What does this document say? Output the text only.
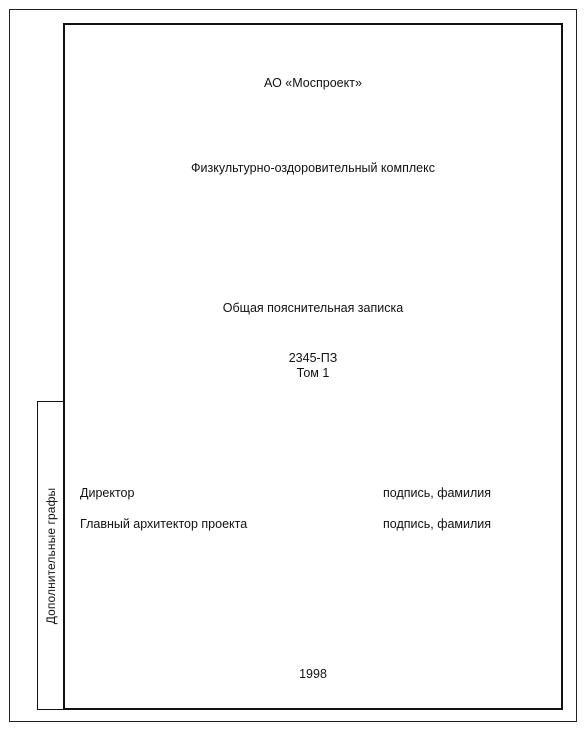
Дополнительные графы
АО «Моспроект»
Физкультурно-оздоровительный комплекс
Общая пояснительная записка
2345-ПЗ
Том 1
Директор	подпись, фамилия
Главный архитектор проекта	подпись, фамилия
1998
